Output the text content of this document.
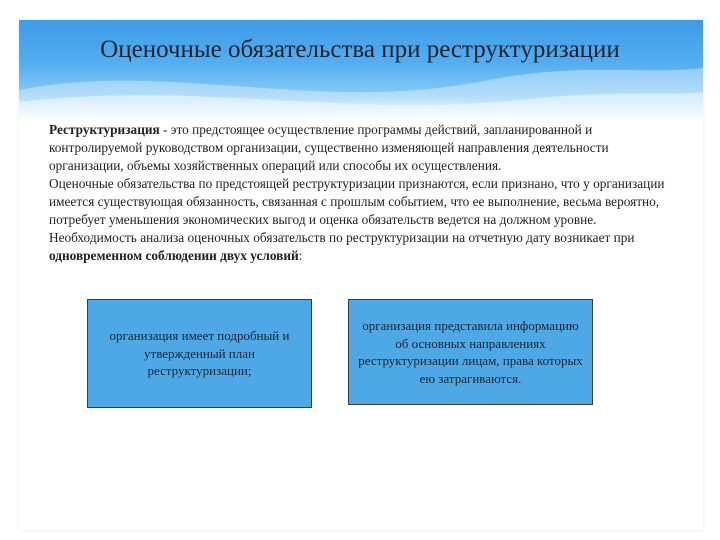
Оценочные обязательства при реструктуризации

Реструктуризация - это предстоящее осуществление программы действий, запланированной и контролируемой руководством организации, существенно изменяющей направления деятельности организации, объемы хозяйственных операций или способы их осуществления.

Оценочные обязательства по предстоящей реструктуризации признаются, если признано, что у организации имеется существующая обязанность, связанная с прошлым событием, что ее выполнение, весьма вероятно, потребует уменьшения экономических выгод и оценка обязательств ведется на должном уровне.

Необходимость анализа оценочных обязательств по реструктуризации на отчетную дату возникает при одновременном соблюдении двух условий:

организация имеет подробный и утвержденный план реструктуризации;
организация представила информацию об основных направлениях реструктуризации лицам, права которых ею затрагиваются.
